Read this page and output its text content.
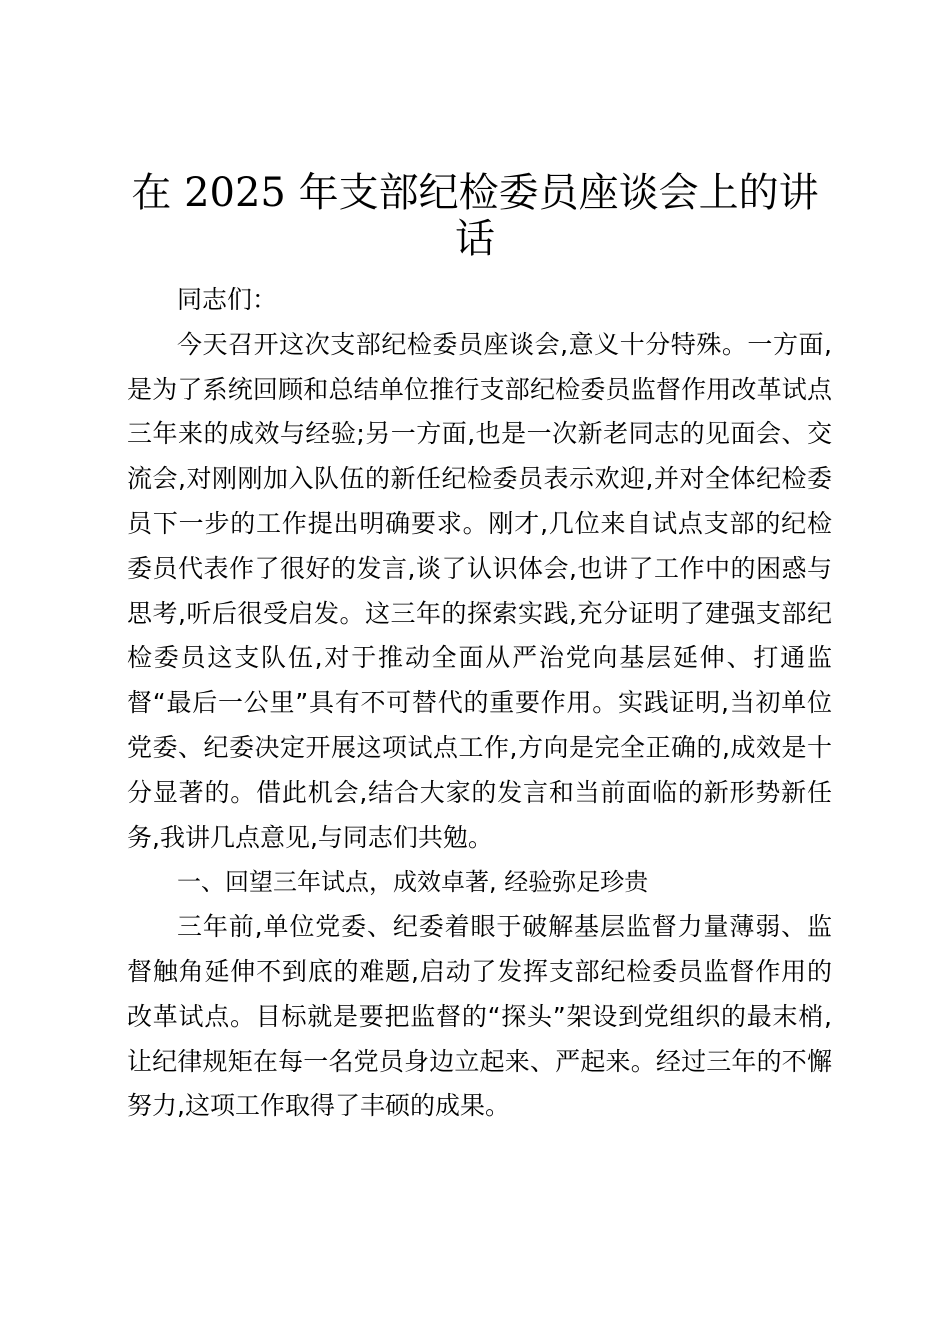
在 2025 年支部纪检委员座谈会上的讲话

同志们：

今天召开这次支部纪检委员座谈会,意义十分特殊。一方面,是为了系统回顾和总结单位推行支部纪检委员监督作用改革试点三年来的成效与经验;另一方面,也是一次新老同志的见面会、交流会,对刚刚加入队伍的新任纪检委员表示欢迎,并对全体纪检委员下一步的工作提出明确要求。刚才,几位来自试点支部的纪检委员代表作了很好的发言,谈了认识体会,也讲了工作中的困惑与思考,听后很受启发。这三年的探索实践,充分证明了建强支部纪检委员这支队伍,对于推动全面从严治党向基层延伸、打通监督“最后一公里”具有不可替代的重要作用。实践证明,当初单位党委、纪委决定开展这项试点工作,方向是完全正确的,成效是十分显著的。借此机会,结合大家的发言和当前面临的新形势新任务,我讲几点意见,与同志们共勉。

一、回望三年试点，成效卓著, 经验弥足珍贵

三年前,单位党委、纪委着眼于破解基层监督力量薄弱、监督触角延伸不到底的难题,启动了发挥支部纪检委员监督作用的改革试点。目标就是要把监督的“探头”架设到党组织的最末梢,让纪律规矩在每一名党员身边立起来、严起来。经过三年的不懈努力,这项工作取得了丰硕的成果。
